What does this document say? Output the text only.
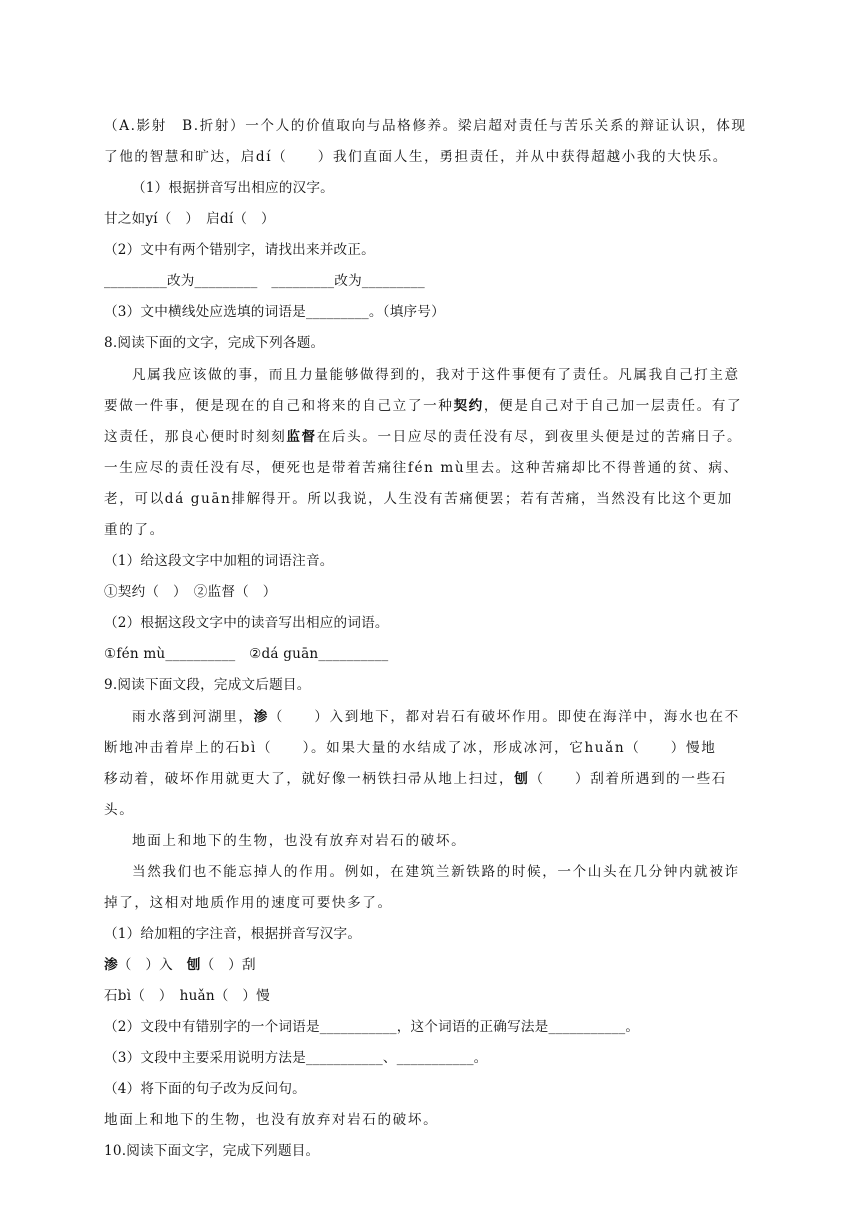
（A.影射　B.折射）一个人的价值取向与品格修养。梁启超对责任与苦乐关系的辩证认识，体现
了他的智慧和旷达，启dí（　　）我们直面人生，勇担责任，并从中获得超越小我的大快乐。
（1）根据拼音写出相应的汉字。
甘之如yí（　）　启dí（　）
（2）文中有两个错别字，请找出来并改正。
_________改为_________　_________改为_________
（3）文中横线处应选填的词语是_________。（填序号）
8.阅读下面的文字，完成下列各题。
凡属我应该做的事，而且力量能够做得到的，我对于这件事便有了责任。凡属我自己打主意
要做一件事，便是现在的自己和将来的自己立了一种契约，便是自己对于自己加一层责任。有了
这责任，那良心便时时刻刻监督在后头。一日应尽的责任没有尽，到夜里头便是过的苦痛日子。
一生应尽的责任没有尽，便死也是带着苦痛往fén mù里去。这种苦痛却比不得普通的贫、病、
老，可以dá guān排解得开。所以我说，人生没有苦痛便罢；若有苦痛，当然没有比这个更加
重的了。
（1）给这段文字中加粗的词语注音。
①契约（　）　②监督（　）
（2）根据这段文字中的读音写出相应的词语。
①fén mù__________　②dá guān__________
9.阅读下面文段，完成文后题目。
雨水落到河湖里，渗（　　）入到地下，都对岩石有破坏作用。即使在海洋中，海水也在不
断地冲击着岸上的石bì（　　）。如果大量的水结成了冰，形成冰河，它huǎn（　　）慢地
移动着，破坏作用就更大了，就好像一柄铁扫帚从地上扫过，刨（　　）刮着所遇到的一些石
头。
地面上和地下的生物，也没有放弃对岩石的破坏。
当然我们也不能忘掉人的作用。例如，在建筑兰新铁路的时候，一个山头在几分钟内就被诈
掉了，这相对地质作用的速度可要快多了。
（1）给加粗的字注音，根据拼音写汉字。
渗（　）入　刨（　）刮
石bì（　）　huǎn（　）慢
（2）文段中有错别字的一个词语是___________，这个词语的正确写法是___________。
（3）文段中主要采用说明方法是___________、___________。
（4）将下面的句子改为反问句。
地面上和地下的生物，也没有放弃对岩石的破坏。
10.阅读下面文字，完成下列题目。
